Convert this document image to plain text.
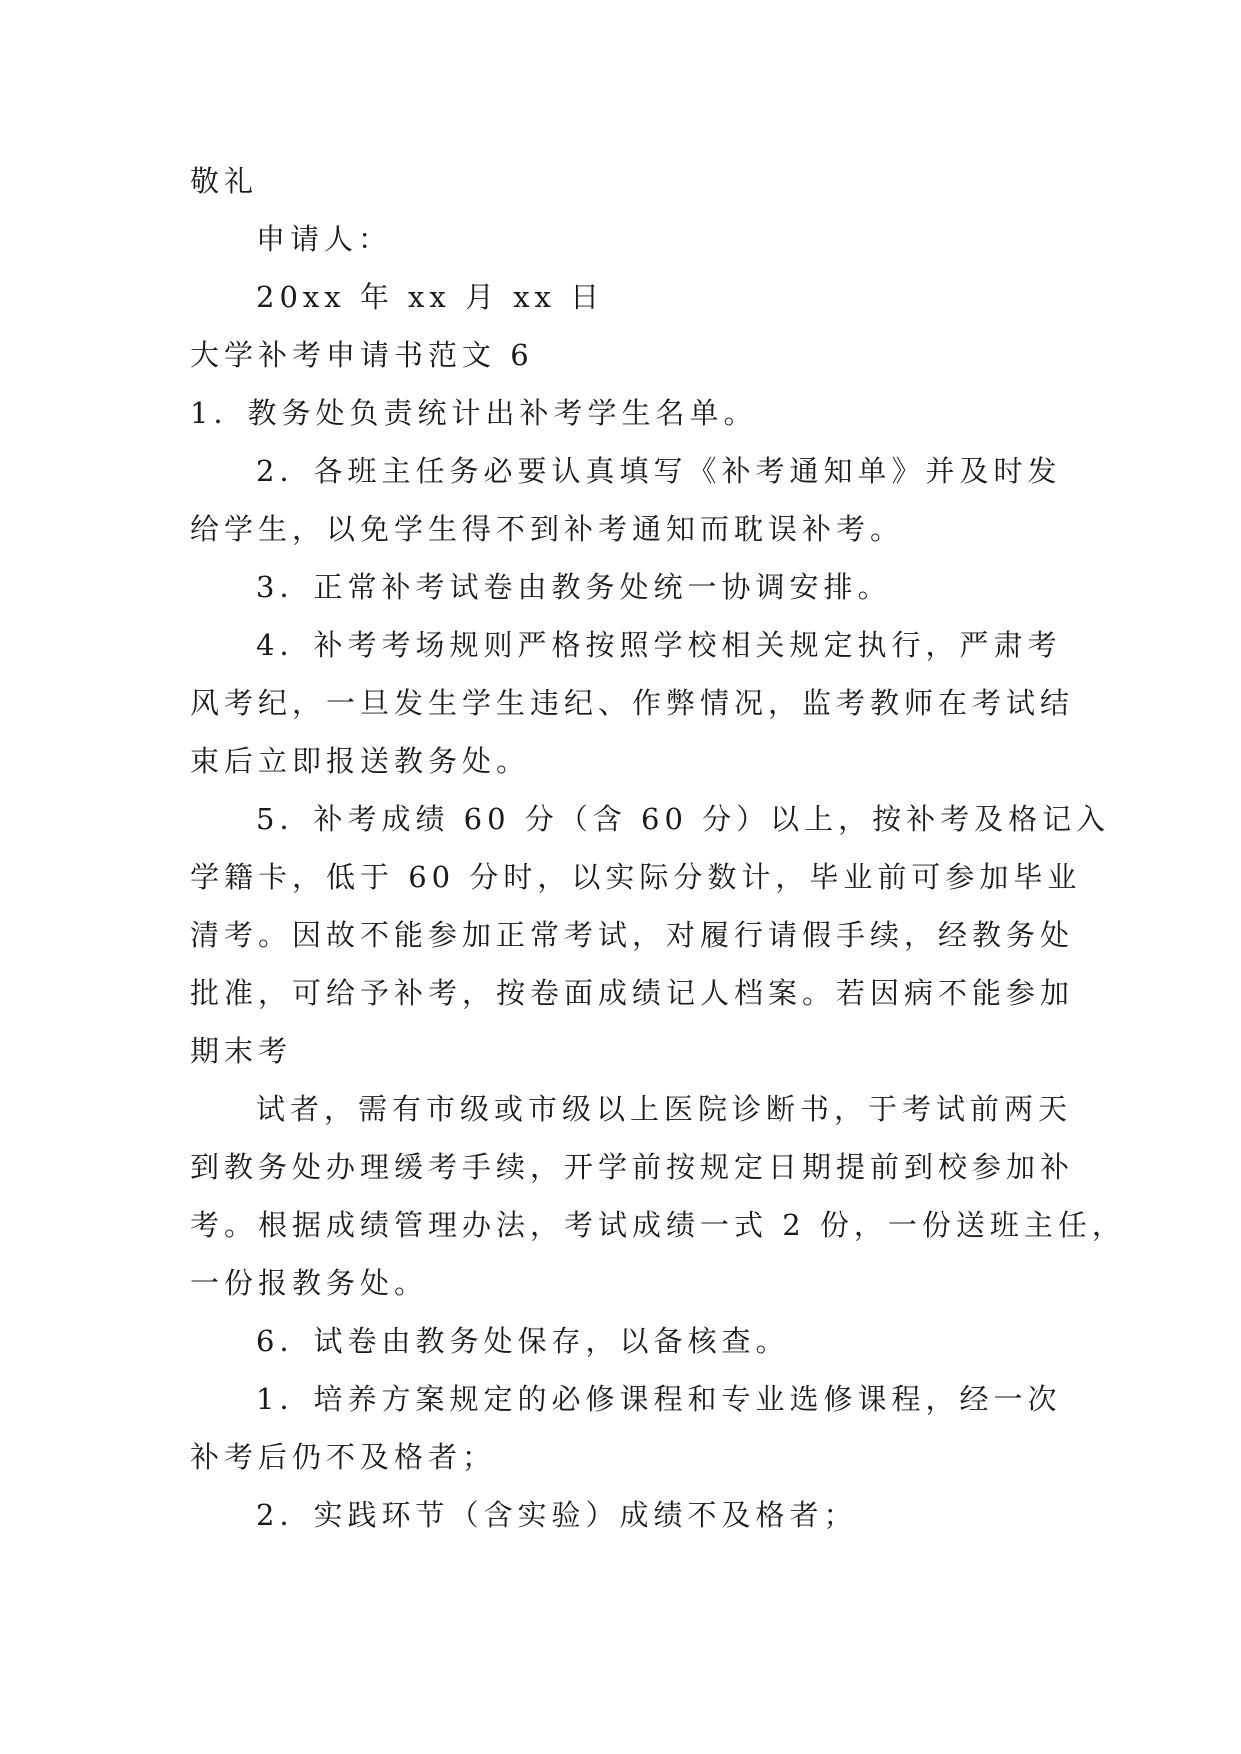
敬礼

申请人：

20xx 年 xx 月 xx 日

大学补考申请书范文 6

1．教务处负责统计出补考学生名单。

2．各班主任务必要认真填写《补考通知单》并及时发

给学生，以免学生得不到补考通知而耽误补考。

3．正常补考试卷由教务处统一协调安排。

4．补考考场规则严格按照学校相关规定执行，严肃考

风考纪，一旦发生学生违纪、作弊情况，监考教师在考试结

束后立即报送教务处。

5．补考成绩 60 分（含 60 分）以上，按补考及格记入

学籍卡，低于 60 分时，以实际分数计，毕业前可参加毕业

清考。因故不能参加正常考试，对履行请假手续，经教务处

批准，可给予补考，按卷面成绩记人档案。若因病不能参加

期末考

试者，需有市级或市级以上医院诊断书，于考试前两天

到教务处办理缓考手续，开学前按规定日期提前到校参加补

考。根据成绩管理办法，考试成绩一式 2 份，一份送班主任，

一份报教务处。

6．试卷由教务处保存，以备核查。

1．培养方案规定的必修课程和专业选修课程，经一次

补考后仍不及格者；

2．实践环节（含实验）成绩不及格者；
